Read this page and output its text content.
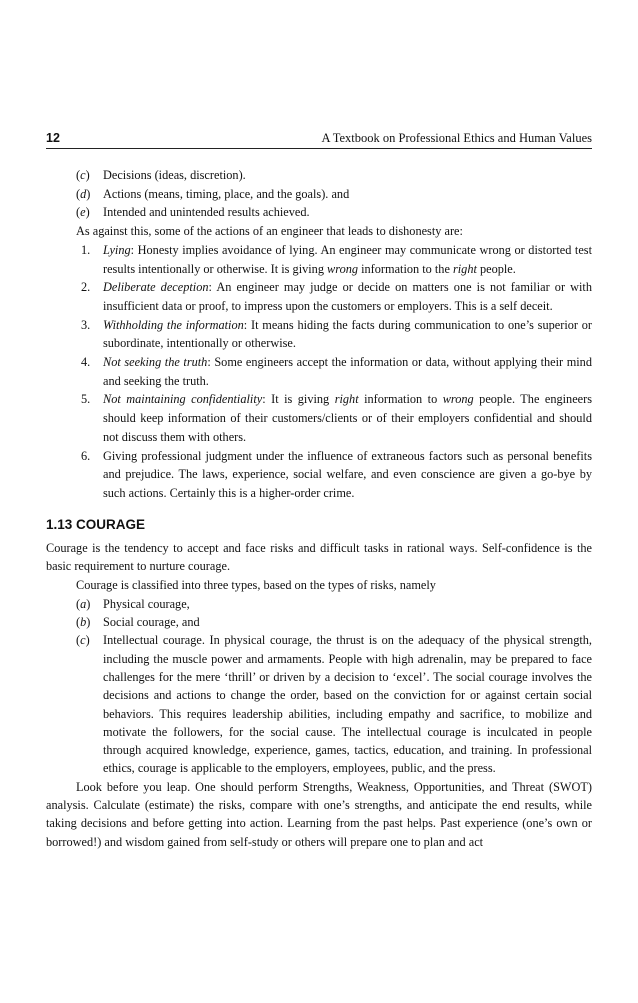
12	A Textbook on Professional Ethics and Human Values
(c) Decisions (ideas, discretion).
(d) Actions (means, timing, place, and the goals). and
(e) Intended and unintended results achieved.
As against this, some of the actions of an engineer that leads to dishonesty are:
1. Lying: Honesty implies avoidance of lying. An engineer may communicate wrong or distorted test results intentionally or otherwise. It is giving wrong information to the right people.
2. Deliberate deception: An engineer may judge or decide on matters one is not familiar or with insufficient data or proof, to impress upon the customers or employers. This is a self deceit.
3. Withholding the information: It means hiding the facts during communication to one’s superior or subordinate, intentionally or otherwise.
4. Not seeking the truth: Some engineers accept the information or data, without applying their mind and seeking the truth.
5. Not maintaining confidentiality: It is giving right information to wrong people. The engineers should keep information of their customers/clients or of their employers confidential and should not discuss them with others.
6. Giving professional judgment under the influence of extraneous factors such as personal benefits and prejudice. The laws, experience, social welfare, and even conscience are given a go-bye by such actions. Certainly this is a higher-order crime.
1.13 COURAGE
Courage is the tendency to accept and face risks and difficult tasks in rational ways. Self-confidence is the basic requirement to nurture courage.
Courage is classified into three types, based on the types of risks, namely
(a) Physical courage,
(b) Social courage, and
(c) Intellectual courage. In physical courage, the thrust is on the adequacy of the physical strength, including the muscle power and armaments. People with high adrenalin, may be prepared to face challenges for the mere ‘thrill’ or driven by a decision to ‘excel’. The social courage involves the decisions and actions to change the order, based on the conviction for or against certain social behaviors. This requires leadership abilities, including empathy and sacrifice, to mobilize and motivate the followers, for the social cause. The intellectual courage is inculcated in people through acquired knowledge, experience, games, tactics, education, and training. In professional ethics, courage is applicable to the employers, employees, public, and the press.
Look before you leap. One should perform Strengths, Weakness, Opportunities, and Threat (SWOT) analysis. Calculate (estimate) the risks, compare with one’s strengths, and anticipate the end results, while taking decisions and before getting into action. Learning from the past helps. Past experience (one’s own or borrowed!) and wisdom gained from self-study or others will prepare one to plan and act
